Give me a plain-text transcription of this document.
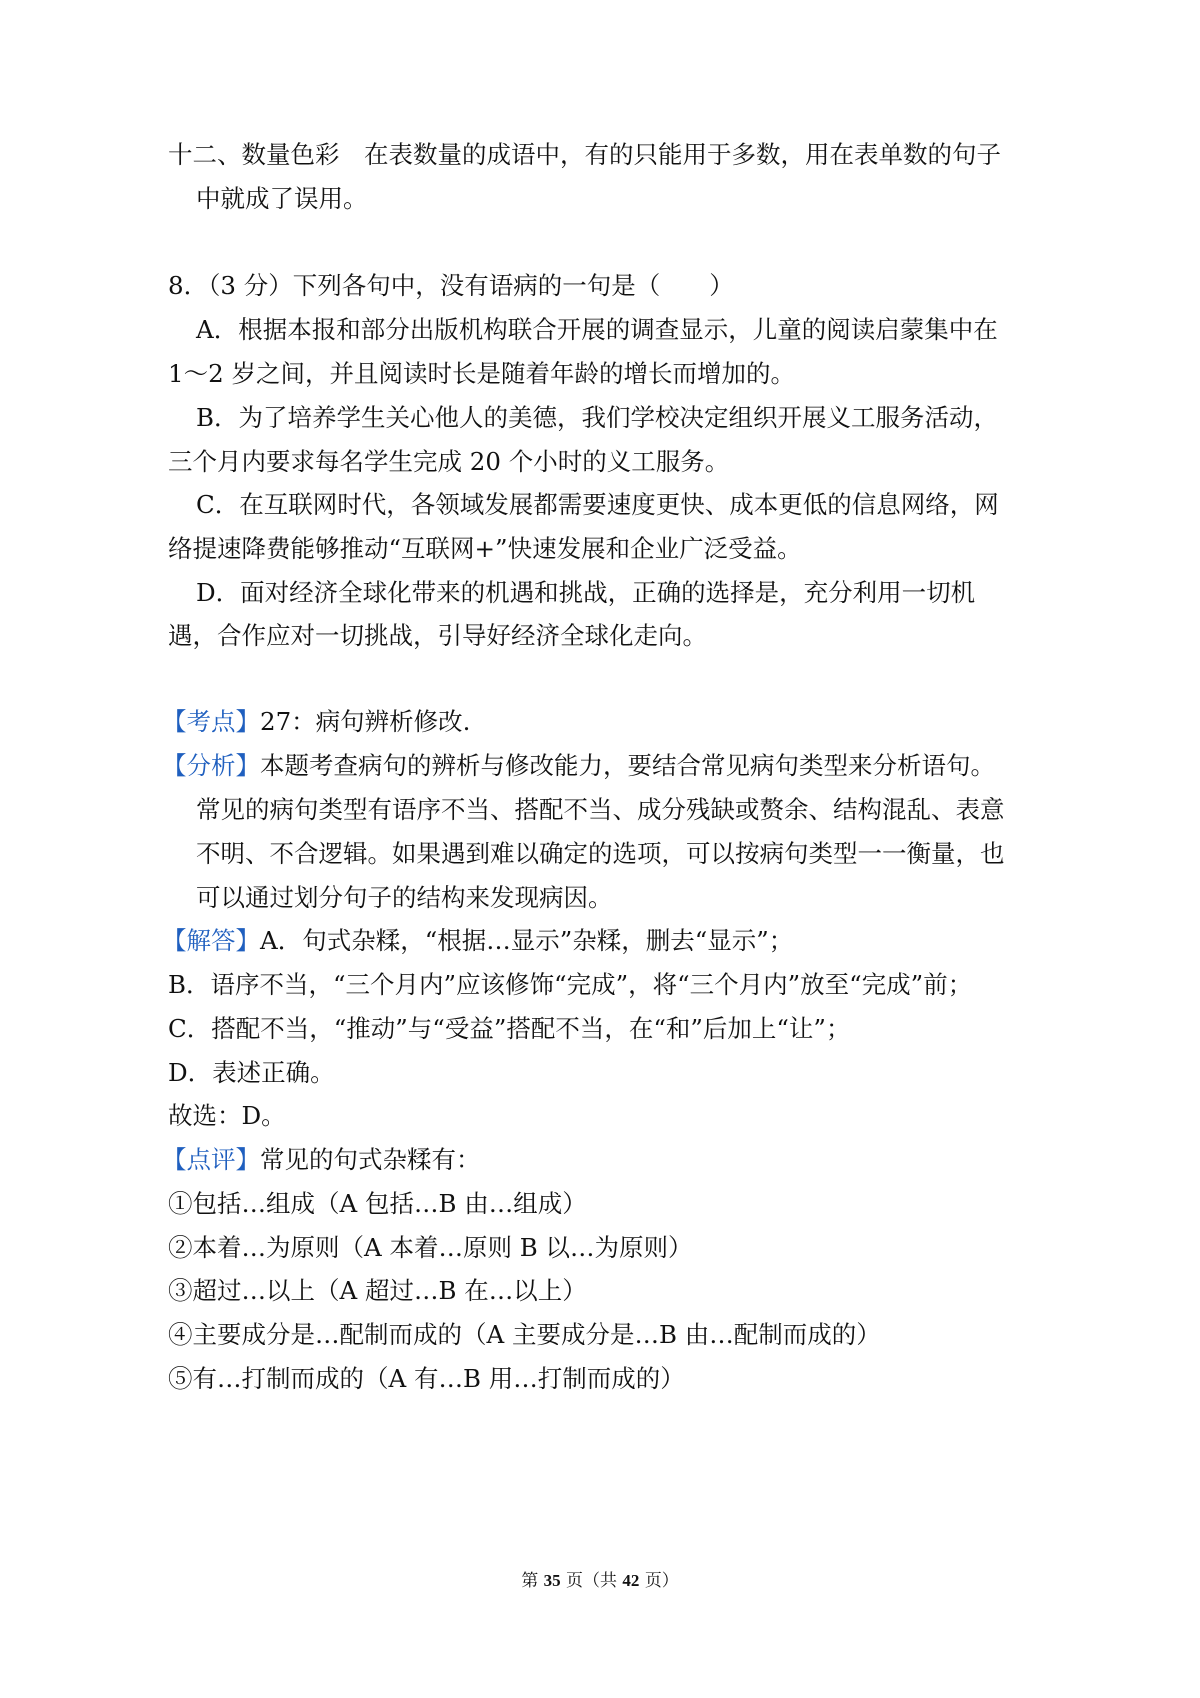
十二、数量色彩　在表数量的成语中，有的只能用于多数，用在表单数的句子
中就成了误用。
8．（3 分）下列各句中，没有语病的一句是（　　）
A．根据本报和部分出版机构联合开展的调查显示，儿童的阅读启蒙集中在
1～2 岁之间，并且阅读时长是随着年龄的增长而增加的。
B．为了培养学生关心他人的美德，我们学校决定组织开展义工服务活动，
三个月内要求每名学生完成 20 个小时的义工服务。
C．在互联网时代，各领域发展都需要速度更快、成本更低的信息网络，网
络提速降费能够推动“互联网+”快速发展和企业广泛受益。
D．面对经济全球化带来的机遇和挑战，正确的选择是，充分利用一切机
遇，合作应对一切挑战，引导好经济全球化走向。
【考点】27：病句辨析修改.
【分析】本题考查病句的辨析与修改能力，要结合常见病句类型来分析语句。
常见的病句类型有语序不当、搭配不当、成分残缺或赘余、结构混乱、表意
不明、不合逻辑。如果遇到难以确定的选项，可以按病句类型一一衡量，也
可以通过划分句子的结构来发现病因。
【解答】A．句式杂糅，“根据…显示”杂糅，删去“显示”；
B．语序不当，“三个月内”应该修饰“完成”，将“三个月内”放至“完成”前；
C．搭配不当，“推动”与“受益”搭配不当，在“和”后加上“让”；
D．表述正确。
故选：D。
【点评】常见的句式杂糅有：
①包括…组成（A 包括…B 由…组成）
②本着…为原则（A 本着…原则 B 以…为原则）
③超过…以上（A 超过…B 在…以上）
④主要成分是…配制而成的（A 主要成分是…B 由…配制而成的）
⑤有…打制而成的（A 有…B 用…打制而成的）
第 35 页（共 42 页）
